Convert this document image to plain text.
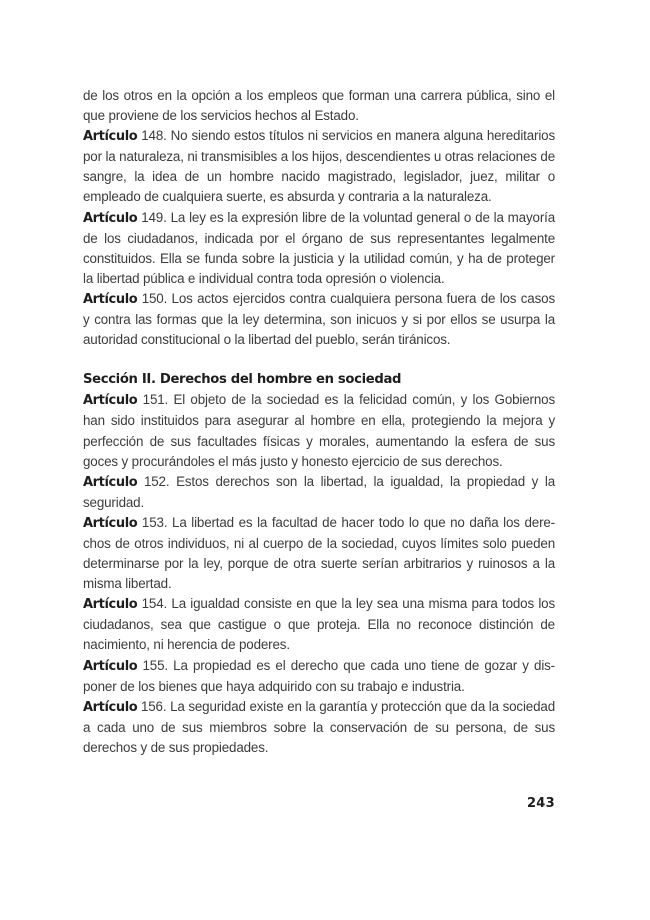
de los otros en la opción a los empleos que forman una carrera pública, sino el que proviene de los servicios hechos al Estado.

Artículo 148. No siendo estos títulos ni servicios en manera alguna hereditarios por la naturaleza, ni transmisibles a los hijos, descendientes u otras relaciones de sangre, la idea de un hombre nacido magistrado, legislador, juez, militar o empleado de cualquiera suerte, es absurda y contraria a la naturaleza.

Artículo 149. La ley es la expresión libre de la voluntad general o de la mayoría de los ciudadanos, indicada por el órgano de sus representantes legalmente constituidos. Ella se funda sobre la justicia y la utilidad común, y ha de proteger la libertad pública e individual contra toda opresión o violencia.

Artículo 150. Los actos ejercidos contra cualquiera persona fuera de los casos y contra las formas que la ley determina, son inicuos y si por ellos se usurpa la autoridad constitucional o la libertad del pueblo, serán tiránicos.

Sección II. Derechos del hombre en sociedad

Artículo 151. El objeto de la sociedad es la felicidad común, y los Gobiernos han sido instituidos para asegurar al hombre en ella, protegiendo la mejora y perfección de sus facultades físicas y morales, aumentando la esfera de sus goces y procurándoles el más justo y honesto ejercicio de sus derechos.

Artículo 152. Estos derechos son la libertad, la igualdad, la propiedad y la seguridad.

Artículo 153. La libertad es la facultad de hacer todo lo que no daña los dere-chos de otros individuos, ni al cuerpo de la sociedad, cuyos límites solo pueden determinarse por la ley, porque de otra suerte serían arbitrarios y ruinosos a la misma libertad.

Artículo 154. La igualdad consiste en que la ley sea una misma para todos los ciudadanos, sea que castigue o que proteja. Ella no reconoce distinción de nacimiento, ni herencia de poderes.

Artículo 155. La propiedad es el derecho que cada uno tiene de gozar y dis-poner de los bienes que haya adquirido con su trabajo e industria.

Artículo 156. La seguridad existe en la garantía y protección que da la sociedad a cada uno de sus miembros sobre la conservación de su persona, de sus derechos y de sus propiedades.

243
